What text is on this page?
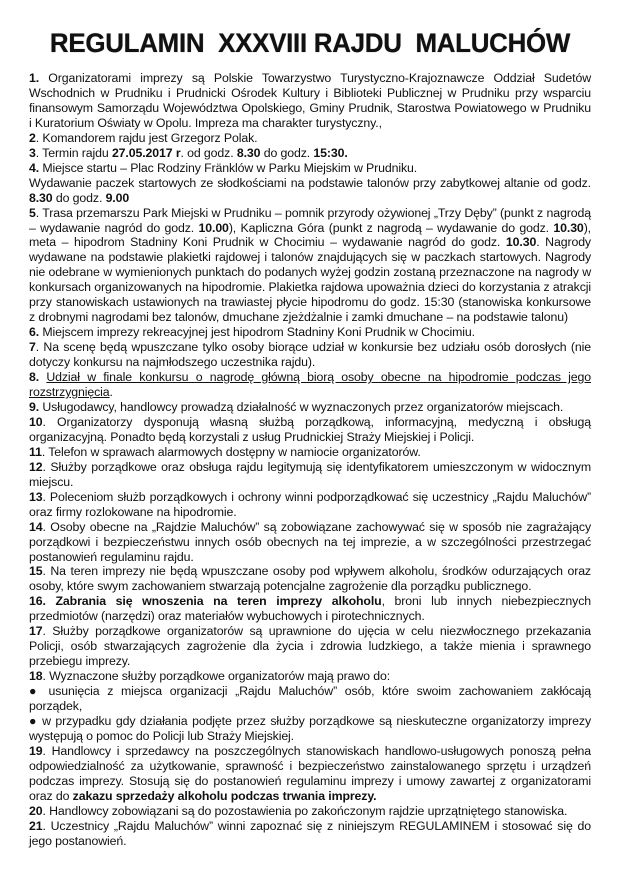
REGULAMIN  XXXVIII RAJDU  MALUCHÓW

1. Organizatorami imprezy są Polskie Towarzystwo Turystyczno-Krajoznawcze Oddział Sudetów Wschodnich w Prudniku i Prudnicki Ośrodek Kultury i Biblioteki Publicznej w Prudniku przy wsparciu finansowym Samorządu Województwa Opolskiego, Gminy Prudnik, Starostwa Powiatowego w Prudniku i Kuratorium Oświaty w Opolu. Impreza ma charakter turystyczny.,

2. Komandorem rajdu jest Grzegorz Polak.

3. Termin rajdu 27.05.2017 r. od godz. 8.30 do godz. 15:30.

4. Miejsce startu – Plac Rodziny Fränklów w Parku Miejskim w Prudniku.

Wydawanie paczek startowych ze słodkościami na podstawie talonów przy zabytkowej altanie od godz. 8.30 do godz. 9.00

5. Trasa przemarszu Park Miejski w Prudniku – pomnik przyrody ożywionej „Trzy Dęby” (punkt z nagrodą – wydawanie nagród do godz. 10.00), Kapliczna Góra (punkt z nagrodą – wydawanie do godz. 10.30), meta – hipodrom Stadniny Koni Prudnik w Chocimiu – wydawanie nagród do godz. 10.30. Nagrody wydawane na podstawie plakietki rajdowej i talonów znajdujących się w paczkach startowych. Nagrody nie odebrane w wymienionych punktach do podanych wyżej godzin zostaną przeznaczone na nagrody w konkursach organizowanych na hipodromie. Plakietka rajdowa upoważnia dzieci do korzystania z atrakcji przy stanowiskach ustawionych na trawiastej płycie hipodromu do godz. 15:30 (stanowiska konkursowe z drobnymi nagrodami bez talonów, dmuchane zjeżdżalnie i zamki dmuchane – na podstawie talonu)

6. Miejscem imprezy rekreacyjnej jest hipodrom Stadniny Koni Prudnik w Chocimiu.

7. Na scenę będą wpuszczane tylko osoby biorące udział w konkursie bez udziału osób dorosłych (nie dotyczy konkursu na najmłodszego uczestnika rajdu).

8. Udział w finale konkursu o nagrodę główną biorą osoby obecne na hipodromie podczas jego rozstrzygnięcia.

9. Usługodawcy, handlowcy prowadzą działalność w wyznaczonych przez organizatorów miejscach.

10. Organizatorzy dysponują własną służbą porządkową, informacyjną, medyczną i obsługą organizacyjną. Ponadto będą korzystali z usług Prudnickiej Straży Miejskiej i Policji.

11. Telefon w sprawach alarmowych dostępny w namiocie organizatorów.

12. Służby porządkowe oraz obsługa rajdu legitymują się identyfikatorem umieszczonym w widocznym miejscu.

13. Poleceniom służb porządkowych i ochrony winni podporządkować się uczestnicy „Rajdu Maluchów” oraz firmy rozlokowane na hipodromie.

14. Osoby obecne na „Rajdzie Maluchów” są zobowiązane zachowywać się w sposób nie zagrażający porządkowi i bezpieczeństwu innych osób obecnych na tej imprezie, a w szczególności przestrzegać postanowień regulaminu rajdu.

15. Na teren imprezy nie będą wpuszczane osoby pod wpływem alkoholu, środków odurzających oraz osoby, które swym zachowaniem stwarzają potencjalne zagrożenie dla porządku publicznego.

16. Zabrania się wnoszenia na teren imprezy alkoholu, broni lub innych niebezpiecznych przedmiotów (narzędzi) oraz materiałów wybuchowych i pirotechnicznych.

17. Służby porządkowe organizatorów są uprawnione do ujęcia w celu niezwłocznego przekazania Policji, osób stwarzających zagrożenie dla życia i zdrowia ludzkiego, a także mienia i sprawnego przebiegu imprezy.

18. Wyznaczone służby porządkowe organizatorów mają prawo do:

● usunięcia z miejsca organizacji „Rajdu Maluchów” osób, które swoim zachowaniem zakłócają porządek,

● w przypadku gdy działania podjęte przez służby porządkowe są nieskuteczne organizatorzy imprezy występują o pomoc do Policji lub Straży Miejskiej.

19. Handlowcy i sprzedawcy na poszczególnych stanowiskach handlowo-usługowych ponoszą pełna odpowiedzialność za użytkowanie, sprawność i bezpieczeństwo zainstalowanego sprzętu i urządzeń podczas imprezy. Stosują się do postanowień regulaminu imprezy i umowy zawartej z organizatorami oraz do zakazu sprzedaży alkoholu podczas trwania imprezy.

20. Handlowcy zobowiązani są do pozostawienia po zakończonym rajdzie uprzątniętego stanowiska.

21. Uczestnicy „Rajdu Maluchów” winni zapoznać się z niniejszym REGULAMINEM i stosować się do jego postanowień.
